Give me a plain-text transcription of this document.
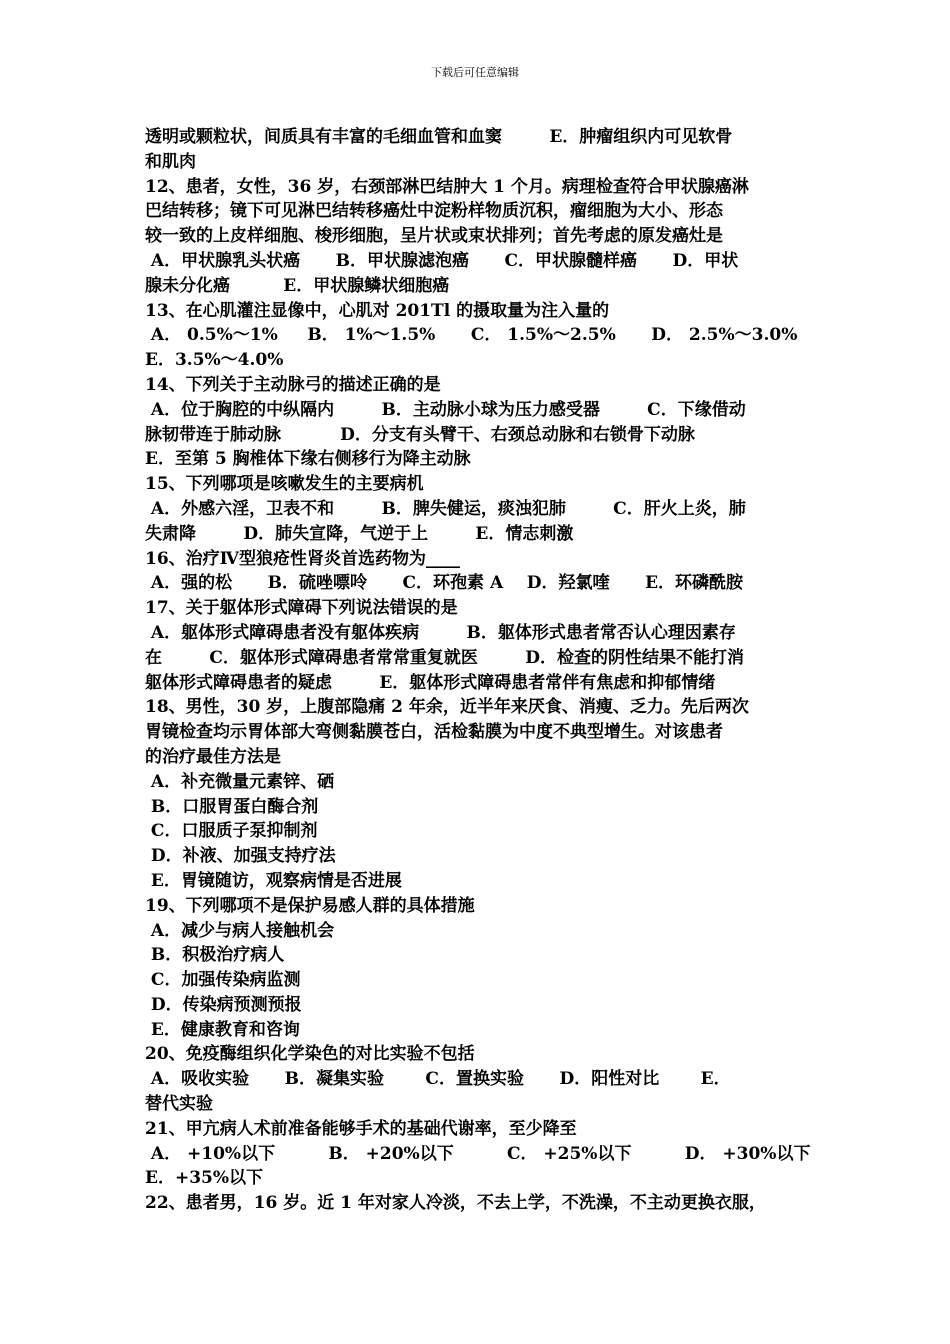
下载后可任意编辑
透明或颗粒状，间质具有丰富的毛细血管和血窦        E．肿瘤组织内可见软骨
和肌肉
12、患者，女性，36 岁，右颈部淋巴结肿大 1 个月。病理检查符合甲状腺癌淋
巴结转移；镜下可见淋巴结转移癌灶中淀粉样物质沉积，瘤细胞为大小、形态
较一致的上皮样细胞、梭形细胞，呈片状或束状排列；首先考虑的原发癌灶是
A．甲状腺乳头状癌      B．甲状腺滤泡癌      C．甲状腺髓样癌      D．甲状
腺未分化癌         E．甲状腺鳞状细胞癌
13、在心肌灌注显像中，心肌对 201Tl 的摄取量为注入量的
A． 0.5%～1%     B． 1%～1.5%      C． 1.5%～2.5%      D． 2.5%～3.0%
E．3.5%～4.0%
14、下列关于主动脉弓的描述正确的是
A．位于胸腔的中纵隔内        B．主动脉小球为压力感受器        C．下缘借动
脉韧带连于肺动脉          D．分支有头臂干、右颈总动脉和右锁骨下动脉
E．至第 5 胸椎体下缘右侧移行为降主动脉
15、下列哪项是咳嗽发生的主要病机
A．外感六淫，卫表不和        B．脾失健运，痰浊犯肺        C．肝火上炎，肺
失肃降        D．肺失宣降，气逆于上        E．情志刺激
16、治疗Ⅳ型狼疮性肾炎首选药物为____
A．强的松      B．硫唑嘌呤      C．环孢素 A    D．羟氯喹      E．环磷酰胺
17、关于躯体形式障碍下列说法错误的是
A．躯体形式障碍患者没有躯体疾病        B．躯体形式患者常否认心理因素存
在        C．躯体形式障碍患者常常重复就医        D．检查的阴性结果不能打消
躯体形式障碍患者的疑虑        E．躯体形式障碍患者常伴有焦虑和抑郁情绪
18、男性，30 岁，上腹部隐痛 2 年余，近半年来厌食、消瘦、乏力。先后两次
胃镜检查均示胃体部大弯侧黏膜苍白，活检黏膜为中度不典型增生。对该患者
的治疗最佳方法是
A．补充微量元素锌、硒
B．口服胃蛋白酶合剂
C．口服质子泵抑制剂
D．补液、加强支持疗法
E．胃镜随访，观察病情是否进展
19、下列哪项不是保护易感人群的具体措施
A．减少与病人接触机会
B．积极治疗病人
C．加强传染病监测
D．传染病预测预报
E．健康教育和咨询
20、免疫酶组织化学染色的对比实验不包括
A．吸收实验      B．凝集实验       C．置换实验      D．阳性对比       E．
替代实验
21、甲亢病人术前准备能够手术的基础代谢率，至少降至
A． +10%以下         B． +20%以下         C． +25%以下         D． +30%以下
E．+35%以下
22、患者男，16 岁。近 1 年对家人冷淡，不去上学，不洗澡，不主动更换衣服，
